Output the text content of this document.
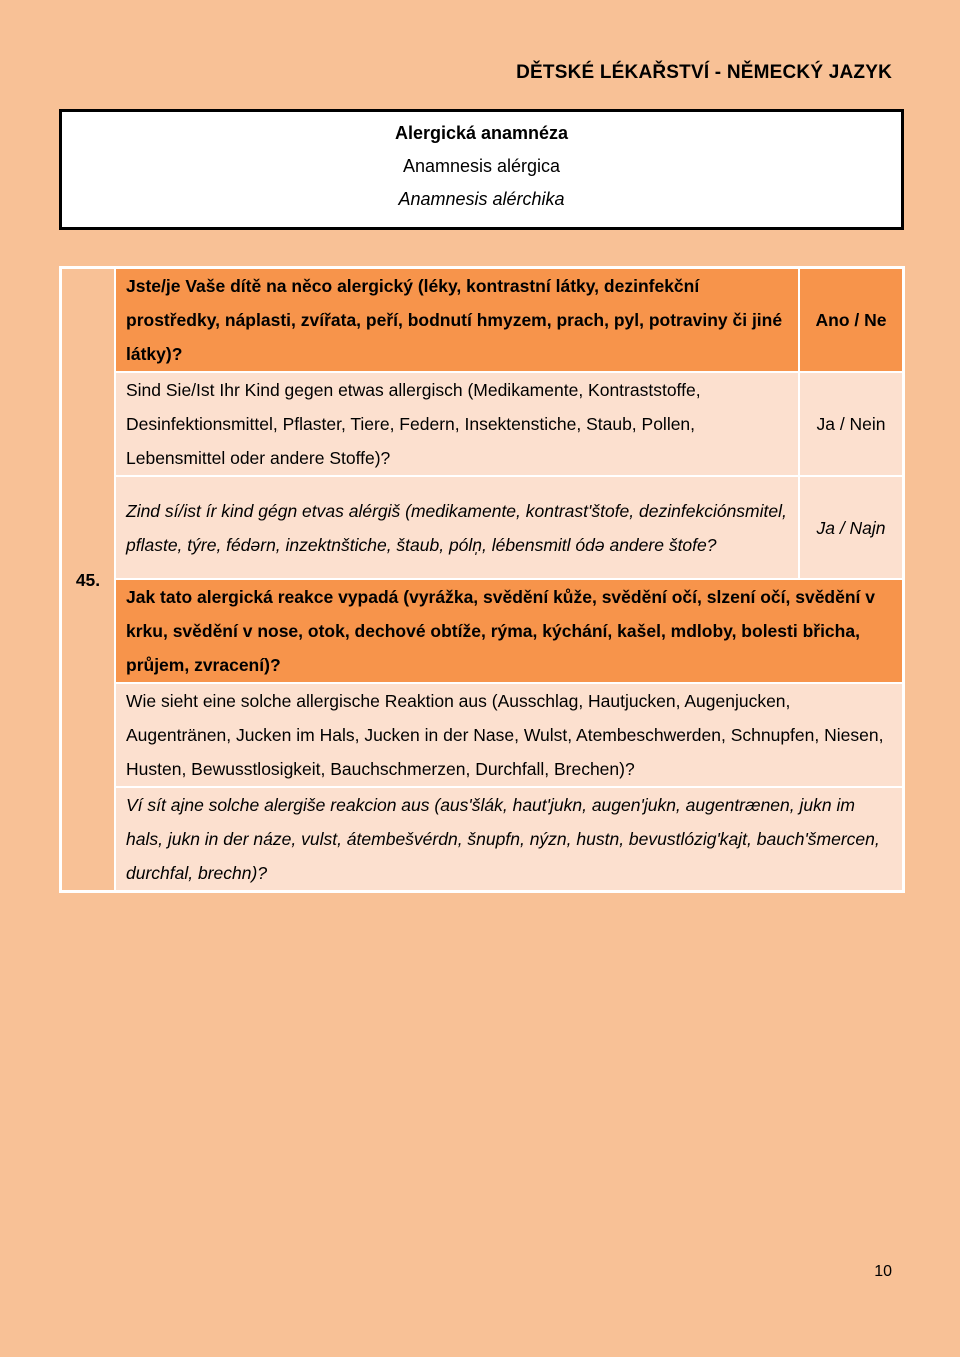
DĚTSKÉ LÉKAŘSTVÍ - NĚMECKÝ JAZYK
Alergická anamnéza
Anamnesis alérgica
Anamnesis alérchika
45.	Jste/je Vaše dítě na něco alergický (léky, kontrastní látky, dezinfekční prostředky, náplasti, zvířata, peří, bodnutí hmyzem, prach, pyl, potraviny či jiné látky)?	Ano / Ne
	Sind Sie/Ist Ihr Kind gegen etwas allergisch (Medikamente, Kontraststoffe, Desinfektionsmittel, Pflaster, Tiere, Federn, Insektenstiche, Staub, Pollen, Lebensmittel oder andere Stoffe)?	Ja / Nein
	Zind sí/ist ír kind gégn etvas alérgiš (medikamente, kontrast'štofe, dezinfekciónsmitel, pflaste, týre, fédərn, inzektnštiche, štaub, póln̩, lébensmitl ódə andere štofe?	Ja / Najn
	Jak tato alergická reakce vypadá (vyrážka, svědění kůže, svědění očí, slzení očí, svědění v krku, svědění v nose, otok, dechové obtíže, rýma, kýchání, kašel, mdloby, bolesti břicha, průjem, zvracení)?	
	Wie sieht eine solche allergische Reaktion aus (Ausschlag, Hautjucken, Augenjucken, Augentränen, Jucken im Hals, Jucken in der Nase, Wulst, Atembeschwerden, Schnupfen, Niesen, Husten, Bewusstlosigkeit, Bauchschmerzen, Durchfall, Brechen)?	
	Ví sít ajne solche alergiše reakcion aus (aus'šlák, haut'jukn, augen'jukn, augentrænen, jukn im hals, jukn in der náze, vulst, átembešvérdn, šnupfn, nýzn, hustn, bevustlózig'kajt, bauch'šmercen, durchfal, brechn)?	
10
